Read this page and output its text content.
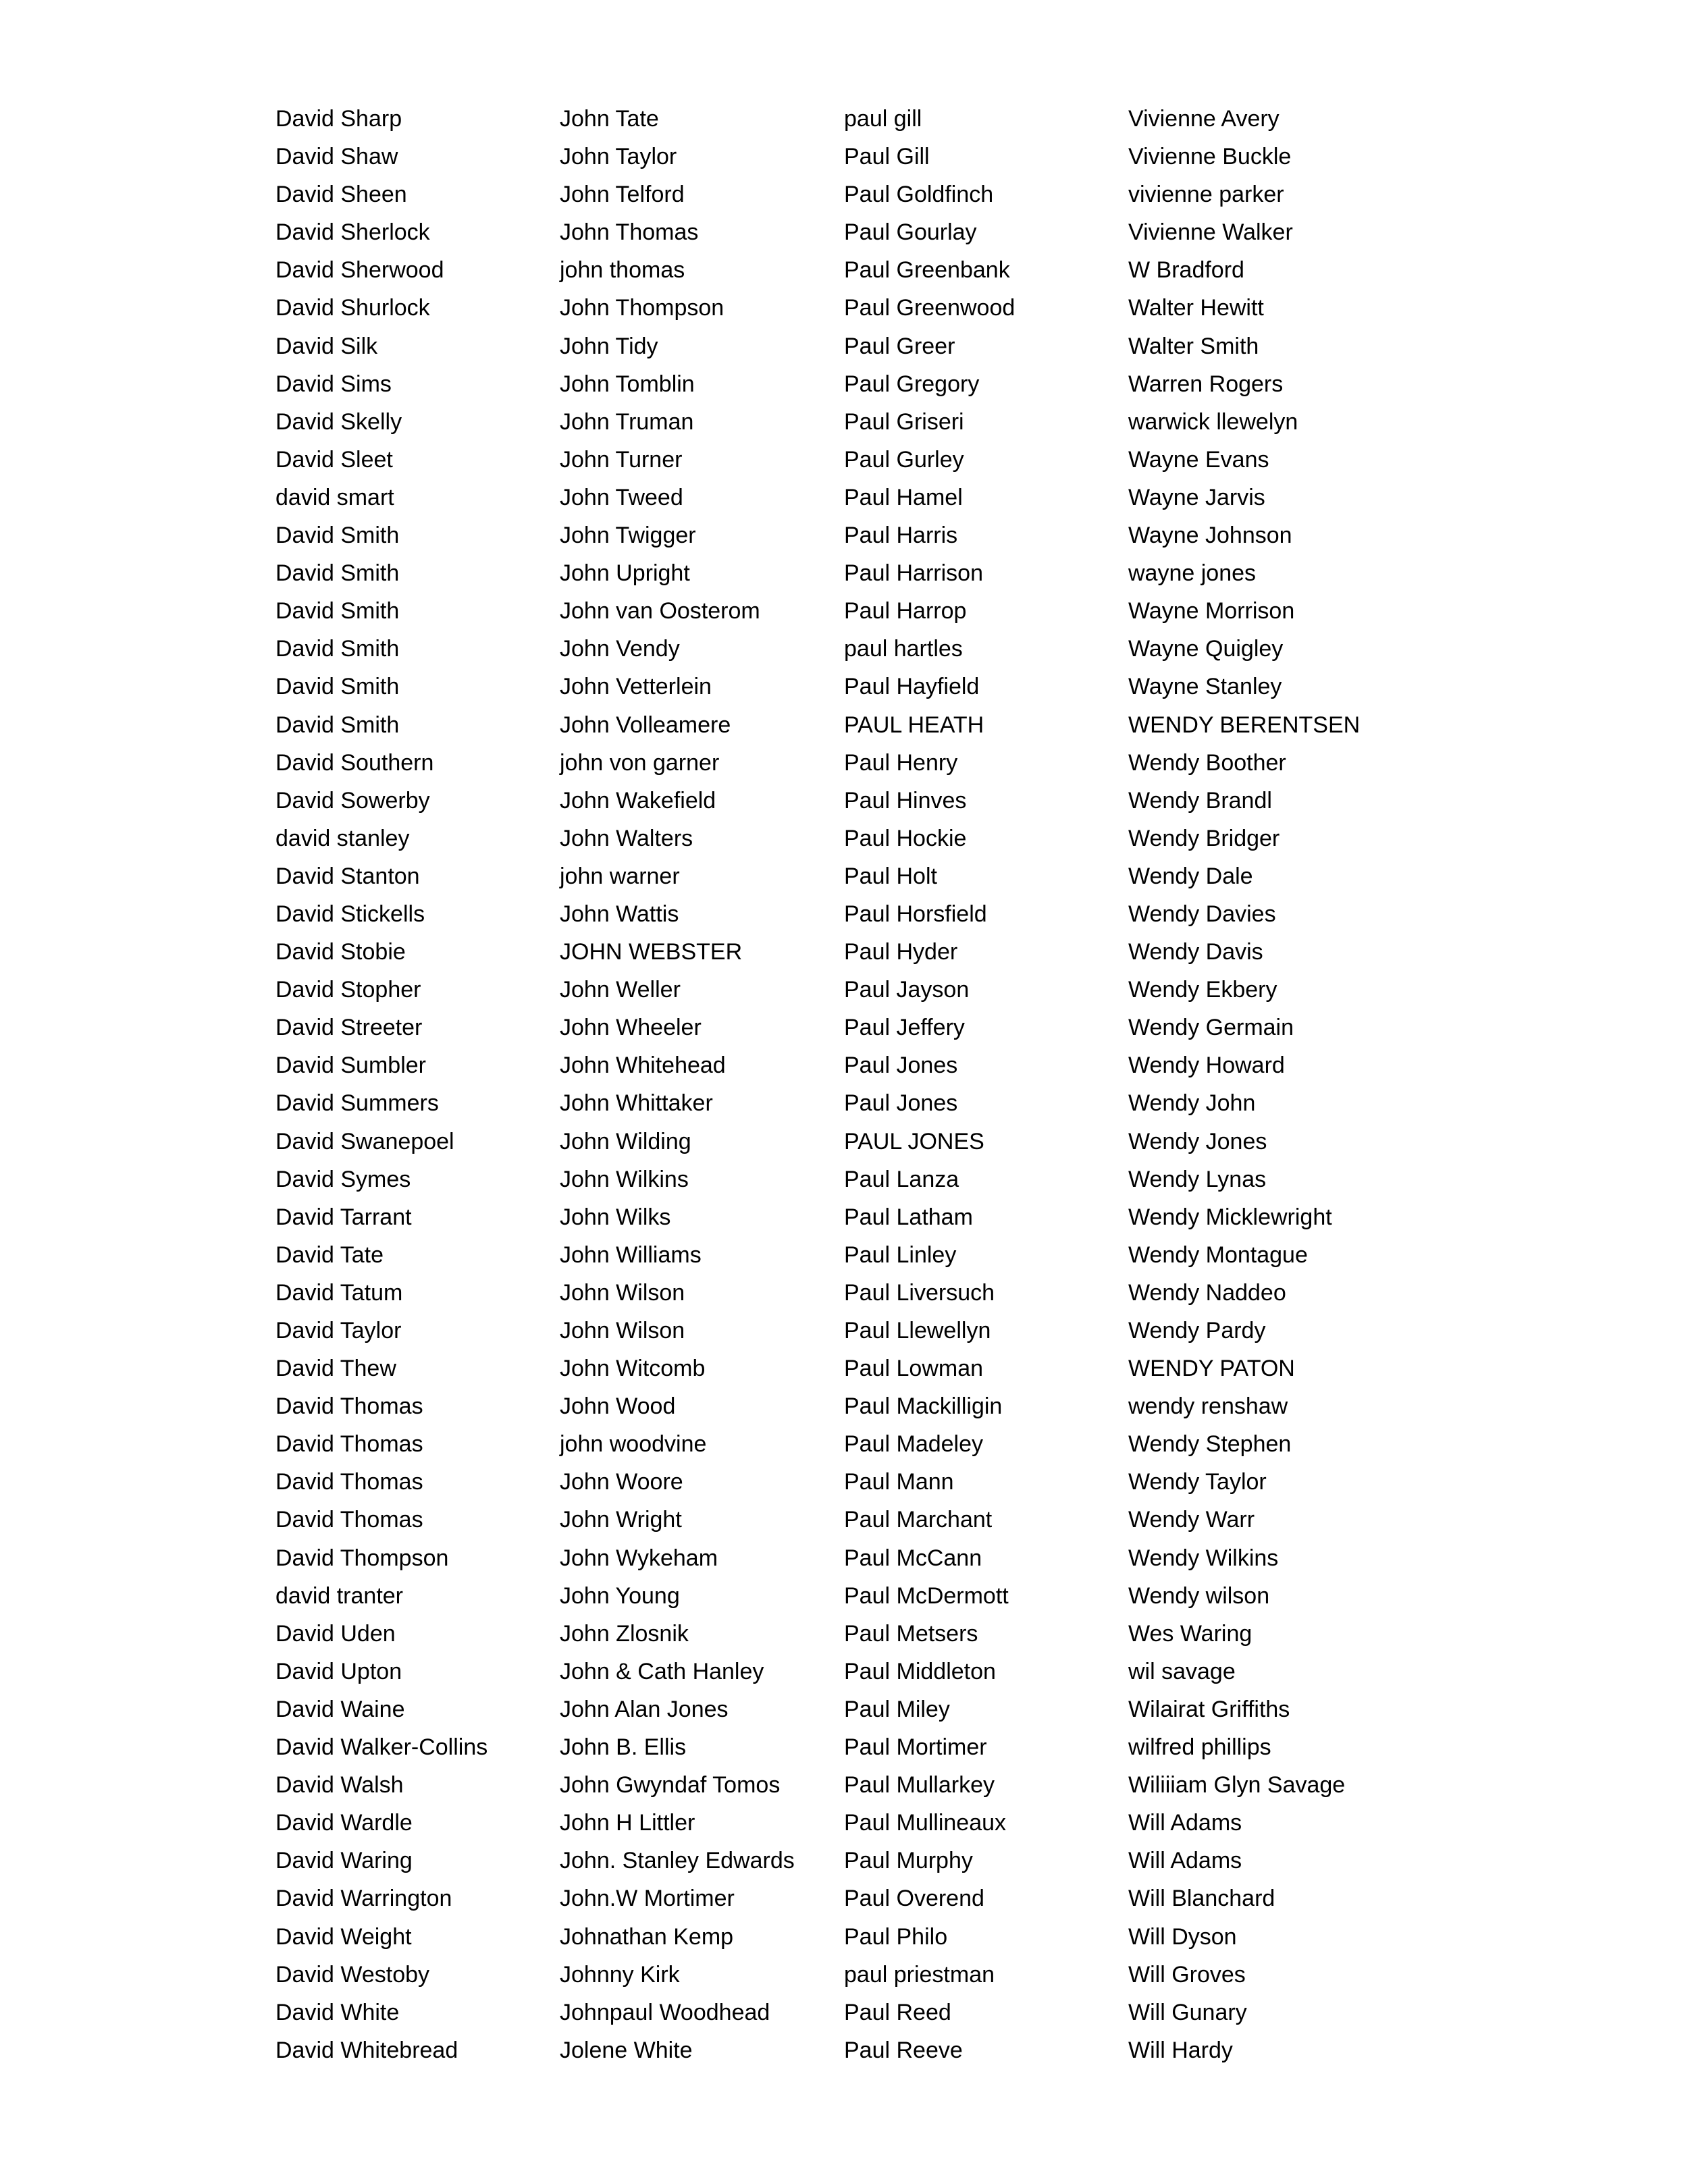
David Sharp
David Shaw
David Sheen
David Sherlock
David Sherwood
David Shurlock
David Silk
David Sims
David Skelly
David Sleet
david smart
David Smith
David Smith
David Smith
David Smith
David Smith
David Smith
David Southern
David Sowerby
david stanley
David Stanton
David Stickells
David Stobie
David Stopher
David Streeter
David Sumbler
David Summers
David Swanepoel
David Symes
David Tarrant
David Tate
David Tatum
David Taylor
David Thew
David Thomas
David Thomas
David Thomas
David Thomas
David Thompson
david tranter
David Uden
David Upton
David Waine
David Walker-Collins
David Walsh
David Wardle
David Waring
David Warrington
David Weight
David Westoby
David White
David Whitebread
John Tate
John Taylor
John Telford
John Thomas
john thomas
John Thompson
John Tidy
John Tomblin
John Truman
John Turner
John Tweed
John Twigger
John Upright
John van Oosterom
John Vendy
John Vetterlein
John Volleamere
john von garner
John Wakefield
John Walters
john warner
John Wattis
JOHN WEBSTER
John Weller
John Wheeler
John Whitehead
John Whittaker
John Wilding
John Wilkins
John Wilks
John Williams
John Wilson
John Wilson
John Witcomb
John Wood
john woodvine
John Woore
John Wright
John Wykeham
John Young
John Zlosnik
John & Cath Hanley
John Alan Jones
John B. Ellis
John Gwyndaf Tomos
John H Littler
John. Stanley Edwards
John.W Mortimer
Johnathan Kemp
Johnny Kirk
Johnpaul Woodhead
Jolene White
paul gill
Paul Gill
Paul Goldfinch
Paul Gourlay
Paul Greenbank
Paul Greenwood
Paul Greer
Paul Gregory
Paul Griseri
Paul Gurley
Paul Hamel
Paul Harris
Paul Harrison
Paul Harrop
paul hartles
Paul Hayfield
PAUL HEATH
Paul Henry
Paul Hinves
Paul Hockie
Paul Holt
Paul Horsfield
Paul Hyder
Paul Jayson
Paul Jeffery
Paul Jones
Paul Jones
PAUL JONES
Paul Lanza
Paul Latham
Paul Linley
Paul Liversuch
Paul Llewellyn
Paul Lowman
Paul Mackilligin
Paul Madeley
Paul Mann
Paul Marchant
Paul McCann
Paul McDermott
Paul Metsers
Paul Middleton
Paul Miley
Paul Mortimer
Paul Mullarkey
Paul Mullineaux
Paul Murphy
Paul Overend
Paul Philo
paul priestman
Paul Reed
Paul Reeve
Vivienne Avery
Vivienne Buckle
vivienne parker
Vivienne Walker
W Bradford
Walter Hewitt
Walter Smith
Warren Rogers
warwick llewelyn
Wayne Evans
Wayne Jarvis
Wayne Johnson
wayne jones
Wayne Morrison
Wayne Quigley
Wayne Stanley
WENDY BERENTSEN
Wendy Boother
Wendy Brandl
Wendy Bridger
Wendy Dale
Wendy Davies
Wendy Davis
Wendy Ekbery
Wendy Germain
Wendy Howard
Wendy John
Wendy Jones
Wendy Lynas
Wendy Micklewright
Wendy Montague
Wendy Naddeo
Wendy Pardy
WENDY PATON
wendy renshaw
Wendy Stephen
Wendy Taylor
Wendy Warr
Wendy Wilkins
Wendy wilson
Wes Waring
wil savage
Wilairat Griffiths
wilfred phillips
Wiliiiam Glyn Savage
Will Adams
Will Adams
Will Blanchard
Will Dyson
Will Groves
Will Gunary
Will Hardy
